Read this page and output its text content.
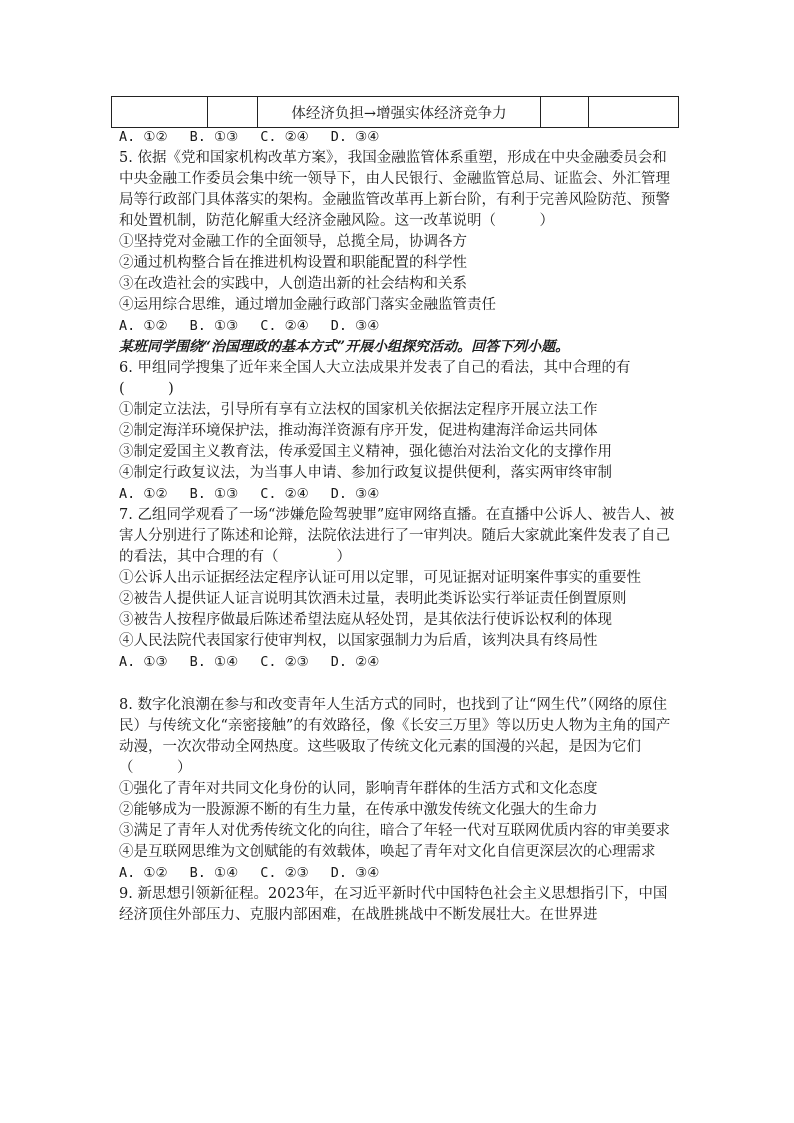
		体经济负担→增强实体经济竞争力		

A. ①② B. ①③ C. ②④ D. ③④

5. 依据《党和国家机构改革方案》，我国金融监管体系重塑，形成在中央金融委员会和中央金融工作委员会集中统一领导下，由人民银行、金融监管总局、证监会、外汇管理局等行政部门具体落实的架构。金融监管改革再上新台阶，有利于完善风险防范、预警和处置机制，防范化解重大经济金融风险。这一改革说明（　　　）

①坚持党对金融工作的全面领导，总揽全局，协调各方

②通过机构整合旨在推进机构设置和职能配置的科学性

③在改造社会的实践中，人创造出新的社会结构和关系

④运用综合思维，通过增加金融行政部门落实金融监管责任

A. ①② B. ①③ C. ②④ D. ③④

某班同学围绕“治国理政的基本方式”开展小组探究活动。回答下列小题。

6. 甲组同学搜集了近年来全国人大立法成果并发表了自己的看法，其中合理的有(　　　)

①制定立法法，引导所有享有立法权的国家机关依据法定程序开展立法工作

②制定海洋环境保护法，推动海洋资源有序开发，促进构建海洋命运共同体

③制定爱国主义教育法，传承爱国主义精神，强化德治对法治文化的支撑作用

④制定行政复议法，为当事人申请、参加行政复议提供便利，落实两审终审制

A. ①② B. ①③ C. ②④ D. ③④

7. 乙组同学观看了一场“涉嫌危险驾驶罪”庭审网络直播。在直播中公诉人、被告人、被害人分别进行了陈述和论辩，法院依法进行了一审判决。随后大家就此案件发表了自己的看法，其中合理的有（　　　　）

①公诉人出示证据经法定程序认证可用以定罪，可见证据对证明案件事实的重要性

②被告人提供证人证言说明其饮酒未过量，表明此类诉讼实行举证责任倒置原则

③被告人按程序做最后陈述希望法庭从轻处罚，是其依法行使诉讼权利的体现

④人民法院代表国家行使审判权，以国家强制力为后盾，该判决具有终局性

A. ①③ B. ①④ C. ②③ D. ②④

8. 数字化浪潮在参与和改变青年人生活方式的同时，也找到了让“网生代”（网络的原住民）与传统文化“亲密接触”的有效路径，像《长安三万里》等以历史人物为主角的国产动漫，一次次带动全网热度。这些吸取了传统文化元素的国漫的兴起，是因为它们（　　　）

①强化了青年对共同文化身份的认同，影响青年群体的生活方式和文化态度

②能够成为一股源源不断的有生力量，在传承中激发传统文化强大的生命力

③满足了青年人对优秀传统文化的向往，暗合了年轻一代对互联网优质内容的审美要求

④是互联网思维为文创赋能的有效载体，唤起了青年对文化自信更深层次的心理需求

A. ①② B. ①④ C. ②③ D. ③④

9. 新思想引领新征程。2023年，在习近平新时代中国特色社会主义思想指引下，中国经济顶住外部压力、克服内部困难，在战胜挑战中不断发展壮大。在世界进
